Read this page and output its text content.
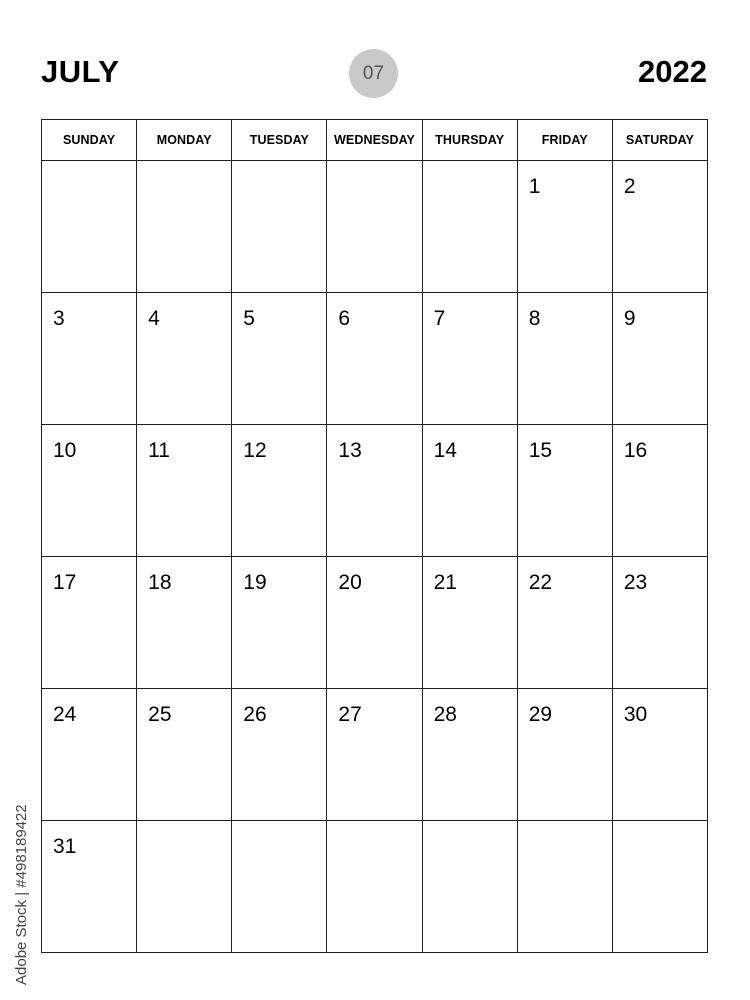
JULY	07	2022
SUNDAY	MONDAY	TUESDAY	WEDNESDAY	THURSDAY	FRIDAY	SATURDAY

					1	2

3	4	5	6	7	8	9

10	11	12	13	14	15	16

17	18	19	20	21	22	23

24	25	26	27	28	29	30

31						

Adobe Stock | #498189422
